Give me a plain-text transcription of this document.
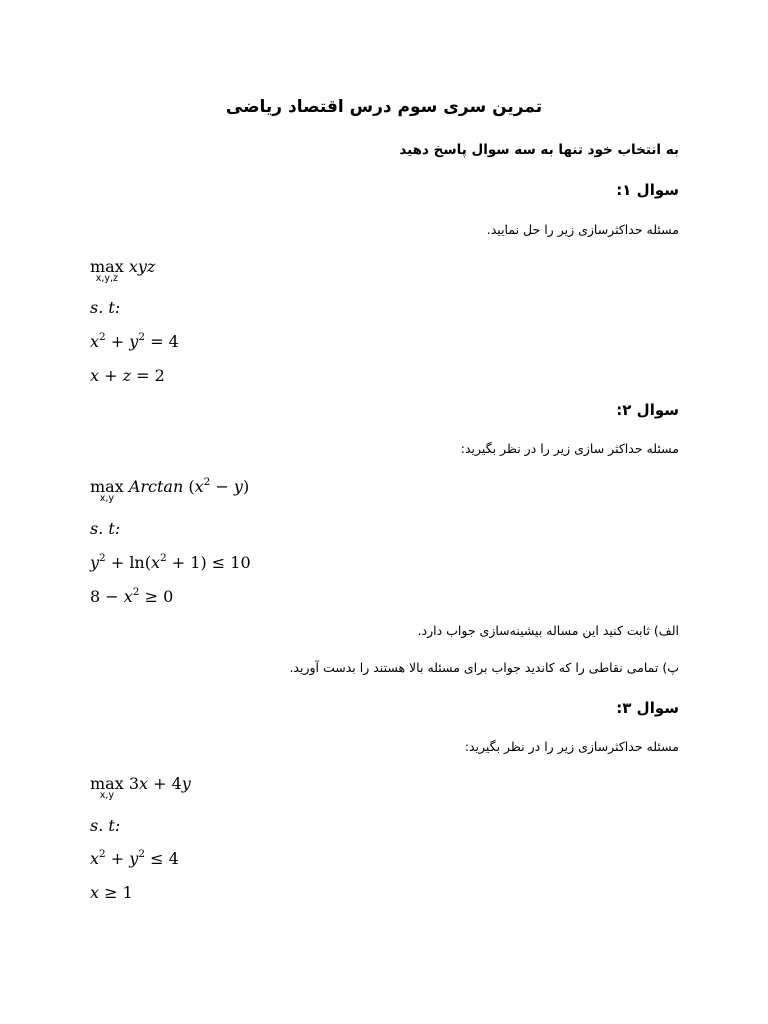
تمرین سری سوم درس اقتصاد ریاضی
به انتخاب خود تنها به سه سوال پاسخ دهید
سوال ۱:
مسئله حداکثرسازی زیر را حل نمایید.
max
x,y,z
xyz
s. t:
$x^2 + y^2 = 4$
x + z = 2
سوال ۲:
مسئله حداکثر سازی زیر را در نظر بگیرید:
max
x,y
Arctan $(x^2 - y)$
s. t:
$y^2 + \ln(x^2 + 1) \le 10$
$8 - x^2 \ge 0$
الف) ثابت کنید این مساله بیشینه‌سازی جواب دارد.
پ) تمامی نقاطی را که کاندید جواب برای مسئله بالا هستند را بدست آورید.
سوال ۳:
مسئله حداکثرسازی زیر را در نظر بگیرید:
max
x,y
3x + 4y
s. t:
$x^2 + y^2 \le 4$
x ≥ 1
